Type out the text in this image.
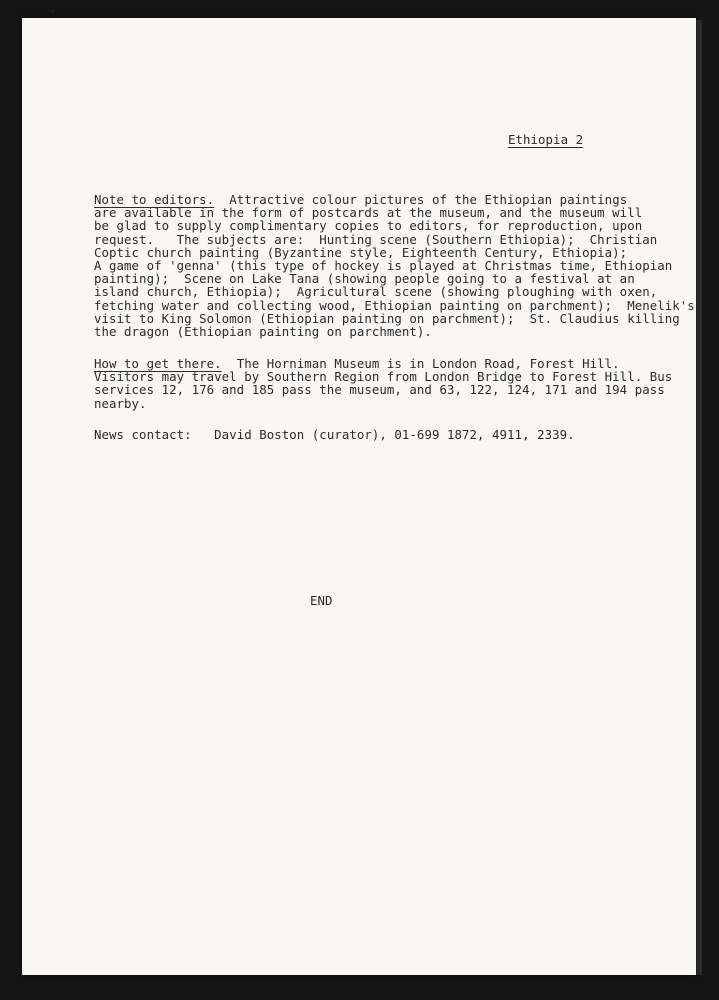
Ethiopia 2
Note to editors.  Attractive colour pictures of the Ethiopian paintings
are available in the form of postcards at the museum, and the museum will
be glad to supply complimentary copies to editors, for reproduction, upon
request.   The subjects are:  Hunting scene (Southern Ethiopia);  Christian
Coptic church painting (Byzantine style, Eighteenth Century, Ethiopia);
A game of 'genna' (this type of hockey is played at Christmas time, Ethiopian
painting);  Scene on Lake Tana (showing people going to a festival at an
island church, Ethiopia);  Agricultural scene (showing ploughing with oxen,
fetching water and collecting wood, Ethiopian painting on parchment);  Menelik's
visit to King Solomon (Ethiopian painting on parchment);  St. Claudius killing
the dragon (Ethiopian painting on parchment).
How to get there.  The Horniman Museum is in London Road, Forest Hill.
Visitors may travel by Southern Region from London Bridge to Forest Hill. Bus
services 12, 176 and 185 pass the museum, and 63, 122, 124, 171 and 194 pass
nearby.
News contact:   David Boston (curator), 01-699 1872, 4911, 2339.
END
